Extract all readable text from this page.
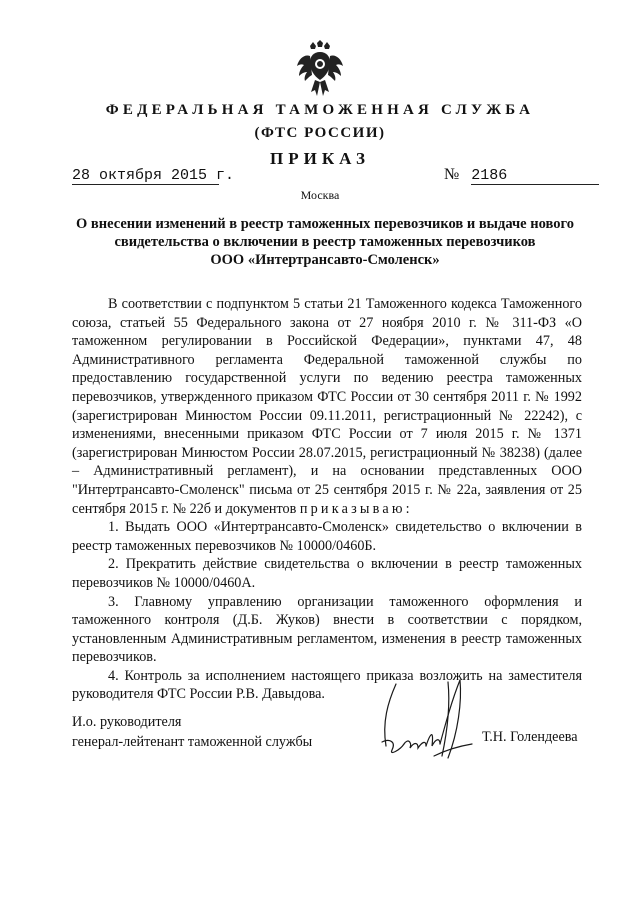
ФЕДЕРАЛЬНАЯ ТАМОЖЕННАЯ СЛУЖБА
(ФТС РОССИИ)
ПРИКАЗ
28 октября 2015 г.	№ 2186
Москва
О внесении изменений в реестр таможенных перевозчиков и выдаче нового
свидетельства о включении в реестр таможенных перевозчиков
ООО «Интертрансавто-Смоленск»

В соответствии с подпунктом 5 статьи 21 Таможенного кодекса Таможенного союза, статьей 55 Федерального закона от 27 ноября 2010 г. № 311-ФЗ «О таможенном регулировании в Российской Федерации», пунктами 47, 48 Административного регламента Федеральной таможенной службы по предоставлению государственной услуги по ведению реестра таможенных перевозчиков, утвержденного приказом ФТС России от 30 сентября 2011 г. № 1992 (зарегистрирован Минюстом России 09.11.2011, регистрационный № 22242), с изменениями, внесенными приказом ФТС России от 7 июля 2015 г. № 1371 (зарегистрирован Минюстом России 28.07.2015, регистрационный № 38238) (далее – Административный регламент), и на основании представленных ООО "Интертрансавто-Смоленск" письма от 25 сентября 2015 г. № 22а, заявления от 25 сентября 2015 г. № 22б и документов приказываю:

1. Выдать ООО «Интертрансавто-Смоленск» свидетельство о включении в реестр таможенных перевозчиков № 10000/0460Б.

2. Прекратить действие свидетельства о включении в реестр таможенных перевозчиков № 10000/0460А.

3. Главному управлению организации таможенного оформления и таможенного контроля (Д.Б. Жуков) внести в соответствии с порядком, установленным Административным регламентом, изменения в реестр таможенных перевозчиков.

4. Контроль за исполнением настоящего приказа возложить на заместителя руководителя ФТС России Р.В. Давыдова.

И.о. руководителя
генерал-лейтенант таможенной службы	Т.Н. Голендеева
